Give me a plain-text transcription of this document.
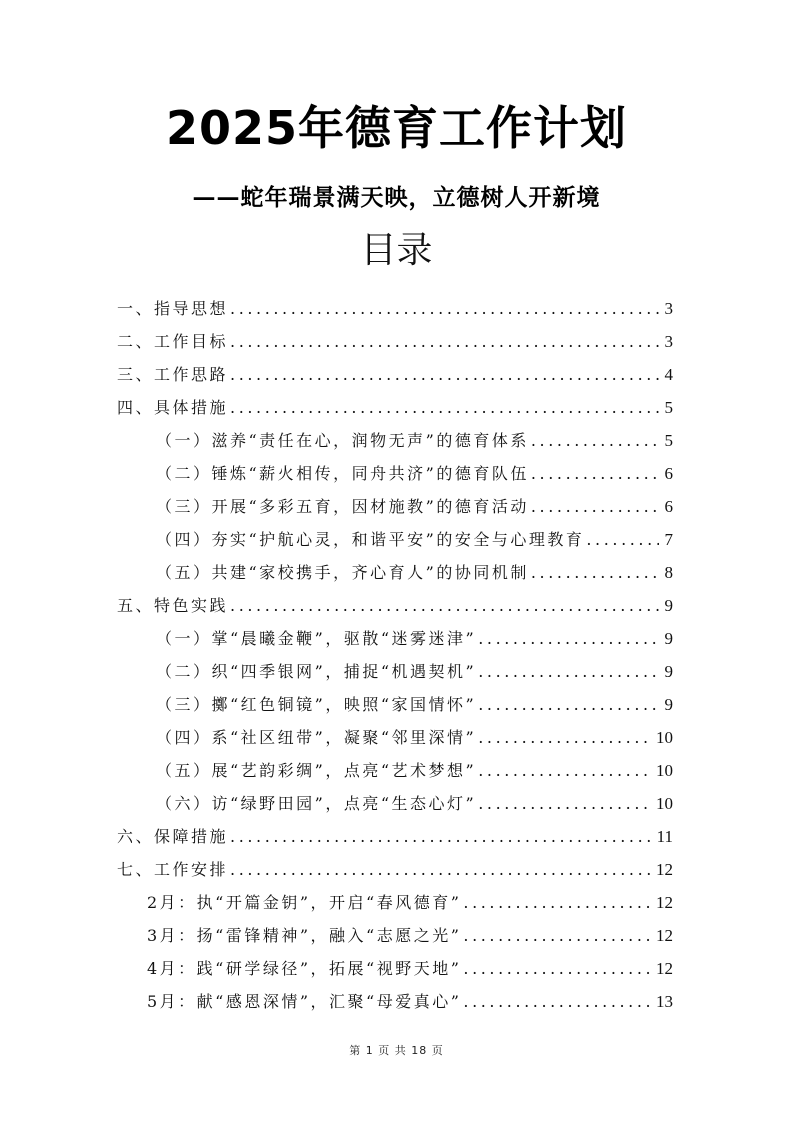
2025年德育工作计划
——蛇年瑞景满天映，立德树人开新境
目录
一、指导思想 . . .	3
二、工作目标 . . .	3
三、工作思路 . . .	4
四、具体措施 . . .	5
（一）滋养“责任在心，润物无声”的德育体系 . . .	5
（二）锤炼“薪火相传，同舟共济”的德育队伍 . . .	6
（三）开展“多彩五育，因材施教”的德育活动 . . .	6
（四）夯实“护航心灵，和谐平安”的安全与心理教育 . . .	7
（五）共建“家校携手，齐心育人”的协同机制 . . .	8
五、特色实践 . . .	9
（一）掌“晨曦金鞭”，驱散“迷雾迷津” . . .	9
（二）织“四季银网”，捕捉“机遇契机” . . .	9
（三）擲“红色铜镜”，映照“家国情怀” . . .	9
（四）系“社区纽带”，凝聚“邻里深情” . . .	10
（五）展“艺韵彩绸”，点亮“艺术梦想” . . .	10
（六）访“绿野田园”，点亮“生态心灯” . . .	10
六、保障措施 . . .	11
七、工作安排 . . .	12
2月：执“开篇金钥”，开启“春风德育” . . .	12
3月：扬“雷锋精神”，融入“志愿之光” . . .	12
4月：践“研学绿径”，拓展“视野天地” . . .	12
5月：献“感恩深情”，汇聚“母爱真心” . . .	13
第 1 页 共 18 页
